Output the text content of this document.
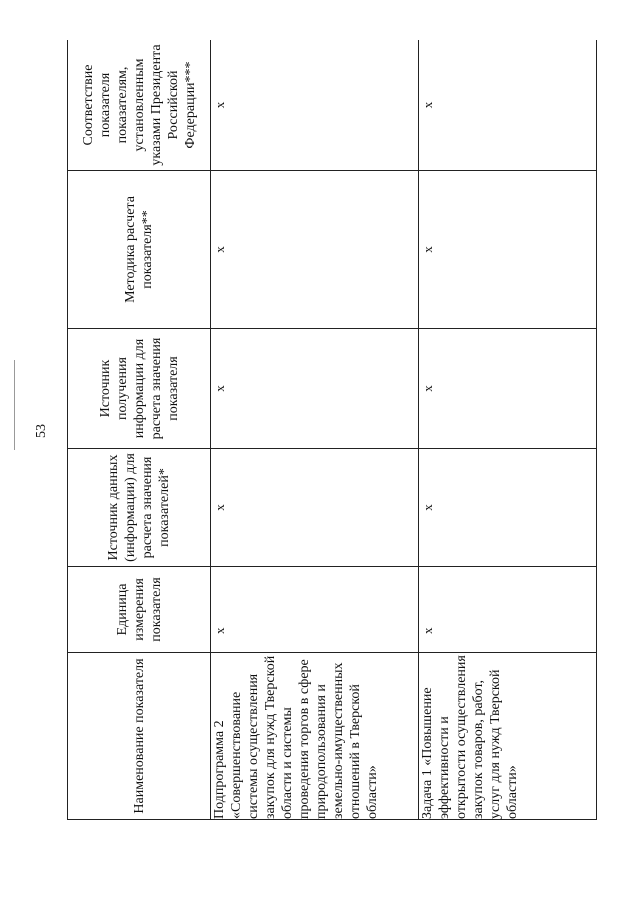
53
Наименование показателя	Единица измерения показателя	Источник данных (информации) для расчета значения показателей*	Источник получения информации для расчета значения показателя	Методика расчета показателя**	Соответствие показателя показателям, установленным указами Президента Российской Федерации***

Подпрограмма 2 «Совершенствование системы осуществления закупок для нужд Тверской области и системы проведения торгов в сфере природопользования и земельно-имущественных отношений в Тверской области»	х	х	х	х	х
Задача 1 «Повышение эффективности и открытости осуществления закупок товаров, работ, услуг для нужд Тверской области»	х	х	х	х	х
